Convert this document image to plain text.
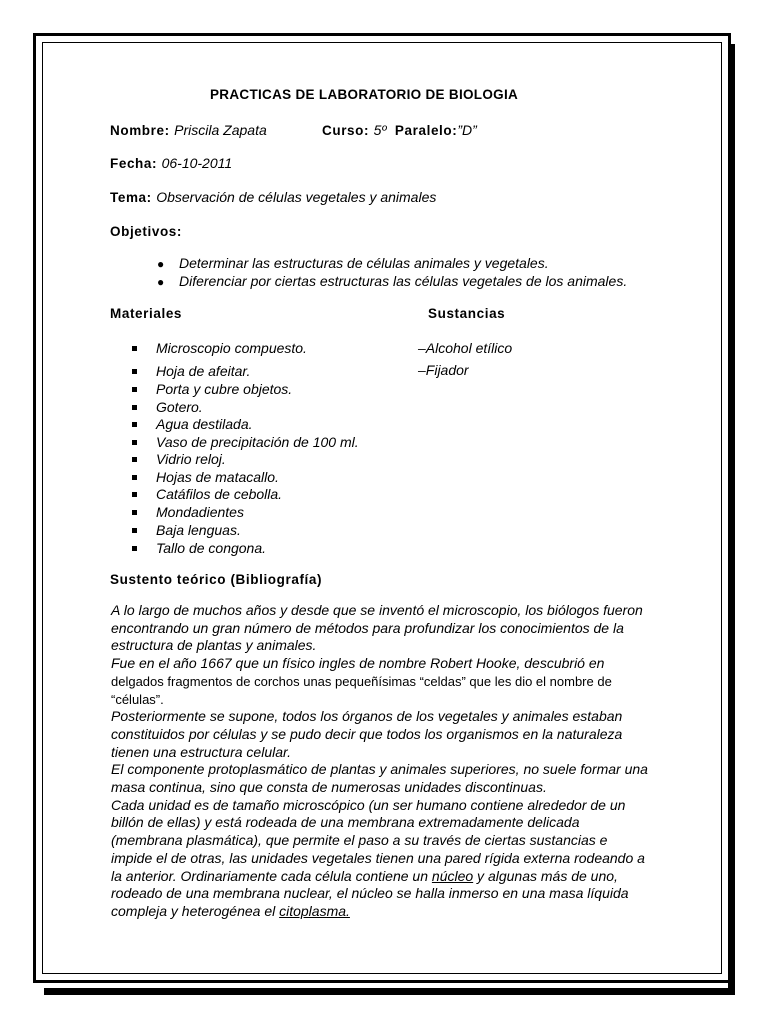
PRACTICAS DE LABORATORIO DE BIOLOGIA
Nombre: Priscila Zapata	Curso: 5º Paralelo:”D”
Fecha: 06-10-2011
Tema: Observación de células vegetales y animales
Objetivos:
● Determinar las estructuras de células animales y vegetales.
● Diferenciar por ciertas estructuras las células vegetales de los animales.
Materiales	Sustancias
Microscopio compuesto.
Hoja de afeitar.
Porta y cubre objetos.
Gotero.
Agua destilada.
Vaso de precipitación de 100 ml.
Vidrio reloj.
Hojas de matacallo.
Catáfilos de cebolla.
Mondadientes
Baja lenguas.
Tallo de congona.
–Alcohol etílico
–Fijador
Sustento teórico (Bibliografía)
A lo largo de muchos años y desde que se inventó el microscopio, los biólogos fueron
encontrando un gran número de métodos para profundizar los conocimientos de la
estructura de plantas y animales.
Fue en el año 1667 que un físico ingles de nombre Robert Hooke, descubrió en
delgados fragmentos de corchos unas pequeñísimas “celdas” que les dio el nombre de
“células”.
Posteriormente se supone, todos los órganos de los vegetales y animales estaban
constituidos por células y se pudo decir que todos los organismos en la naturaleza
tienen una estructura celular.
El componente protoplasmático de plantas y animales superiores, no suele formar una
masa continua, sino que consta de numerosas unidades discontinuas.
Cada unidad es de tamaño microscópico (un ser humano contiene alrededor de un
billón de ellas) y está rodeada de una membrana extremadamente delicada
(membrana plasmática), que permite el paso a su través de ciertas sustancias e
impide el de otras, las unidades vegetales tienen una pared rígida externa rodeando a
la anterior. Ordinariamente cada célula contiene un núcleo y algunas más de uno,
rodeado de una membrana nuclear, el núcleo se halla inmerso en una masa líquida
compleja y heterogénea el citoplasma.
